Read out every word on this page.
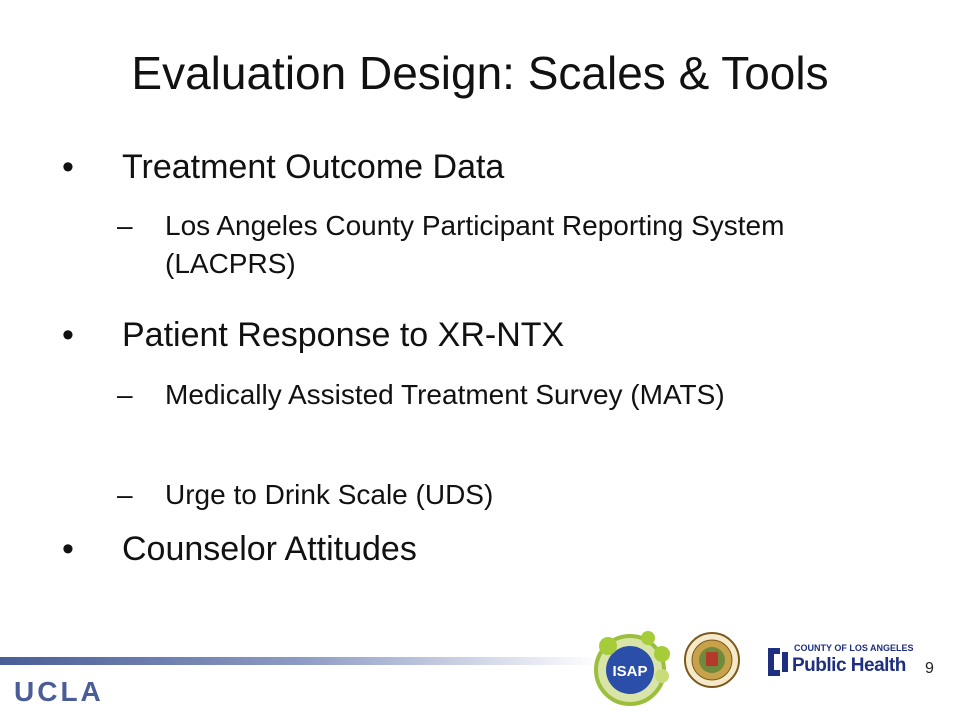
Evaluation Design: Scales & Tools
• Treatment Outcome Data
– Los Angeles County Participant Reporting System (LACPRS)
• Patient Response to XR-NTX
– Medically Assisted Treatment Survey (MATS)
– Urge to Drink Scale (UDS)
• Counselor Attitudes
UCLA
ISAP
COUNTY OF LOS ANGELES
Public Health 9
